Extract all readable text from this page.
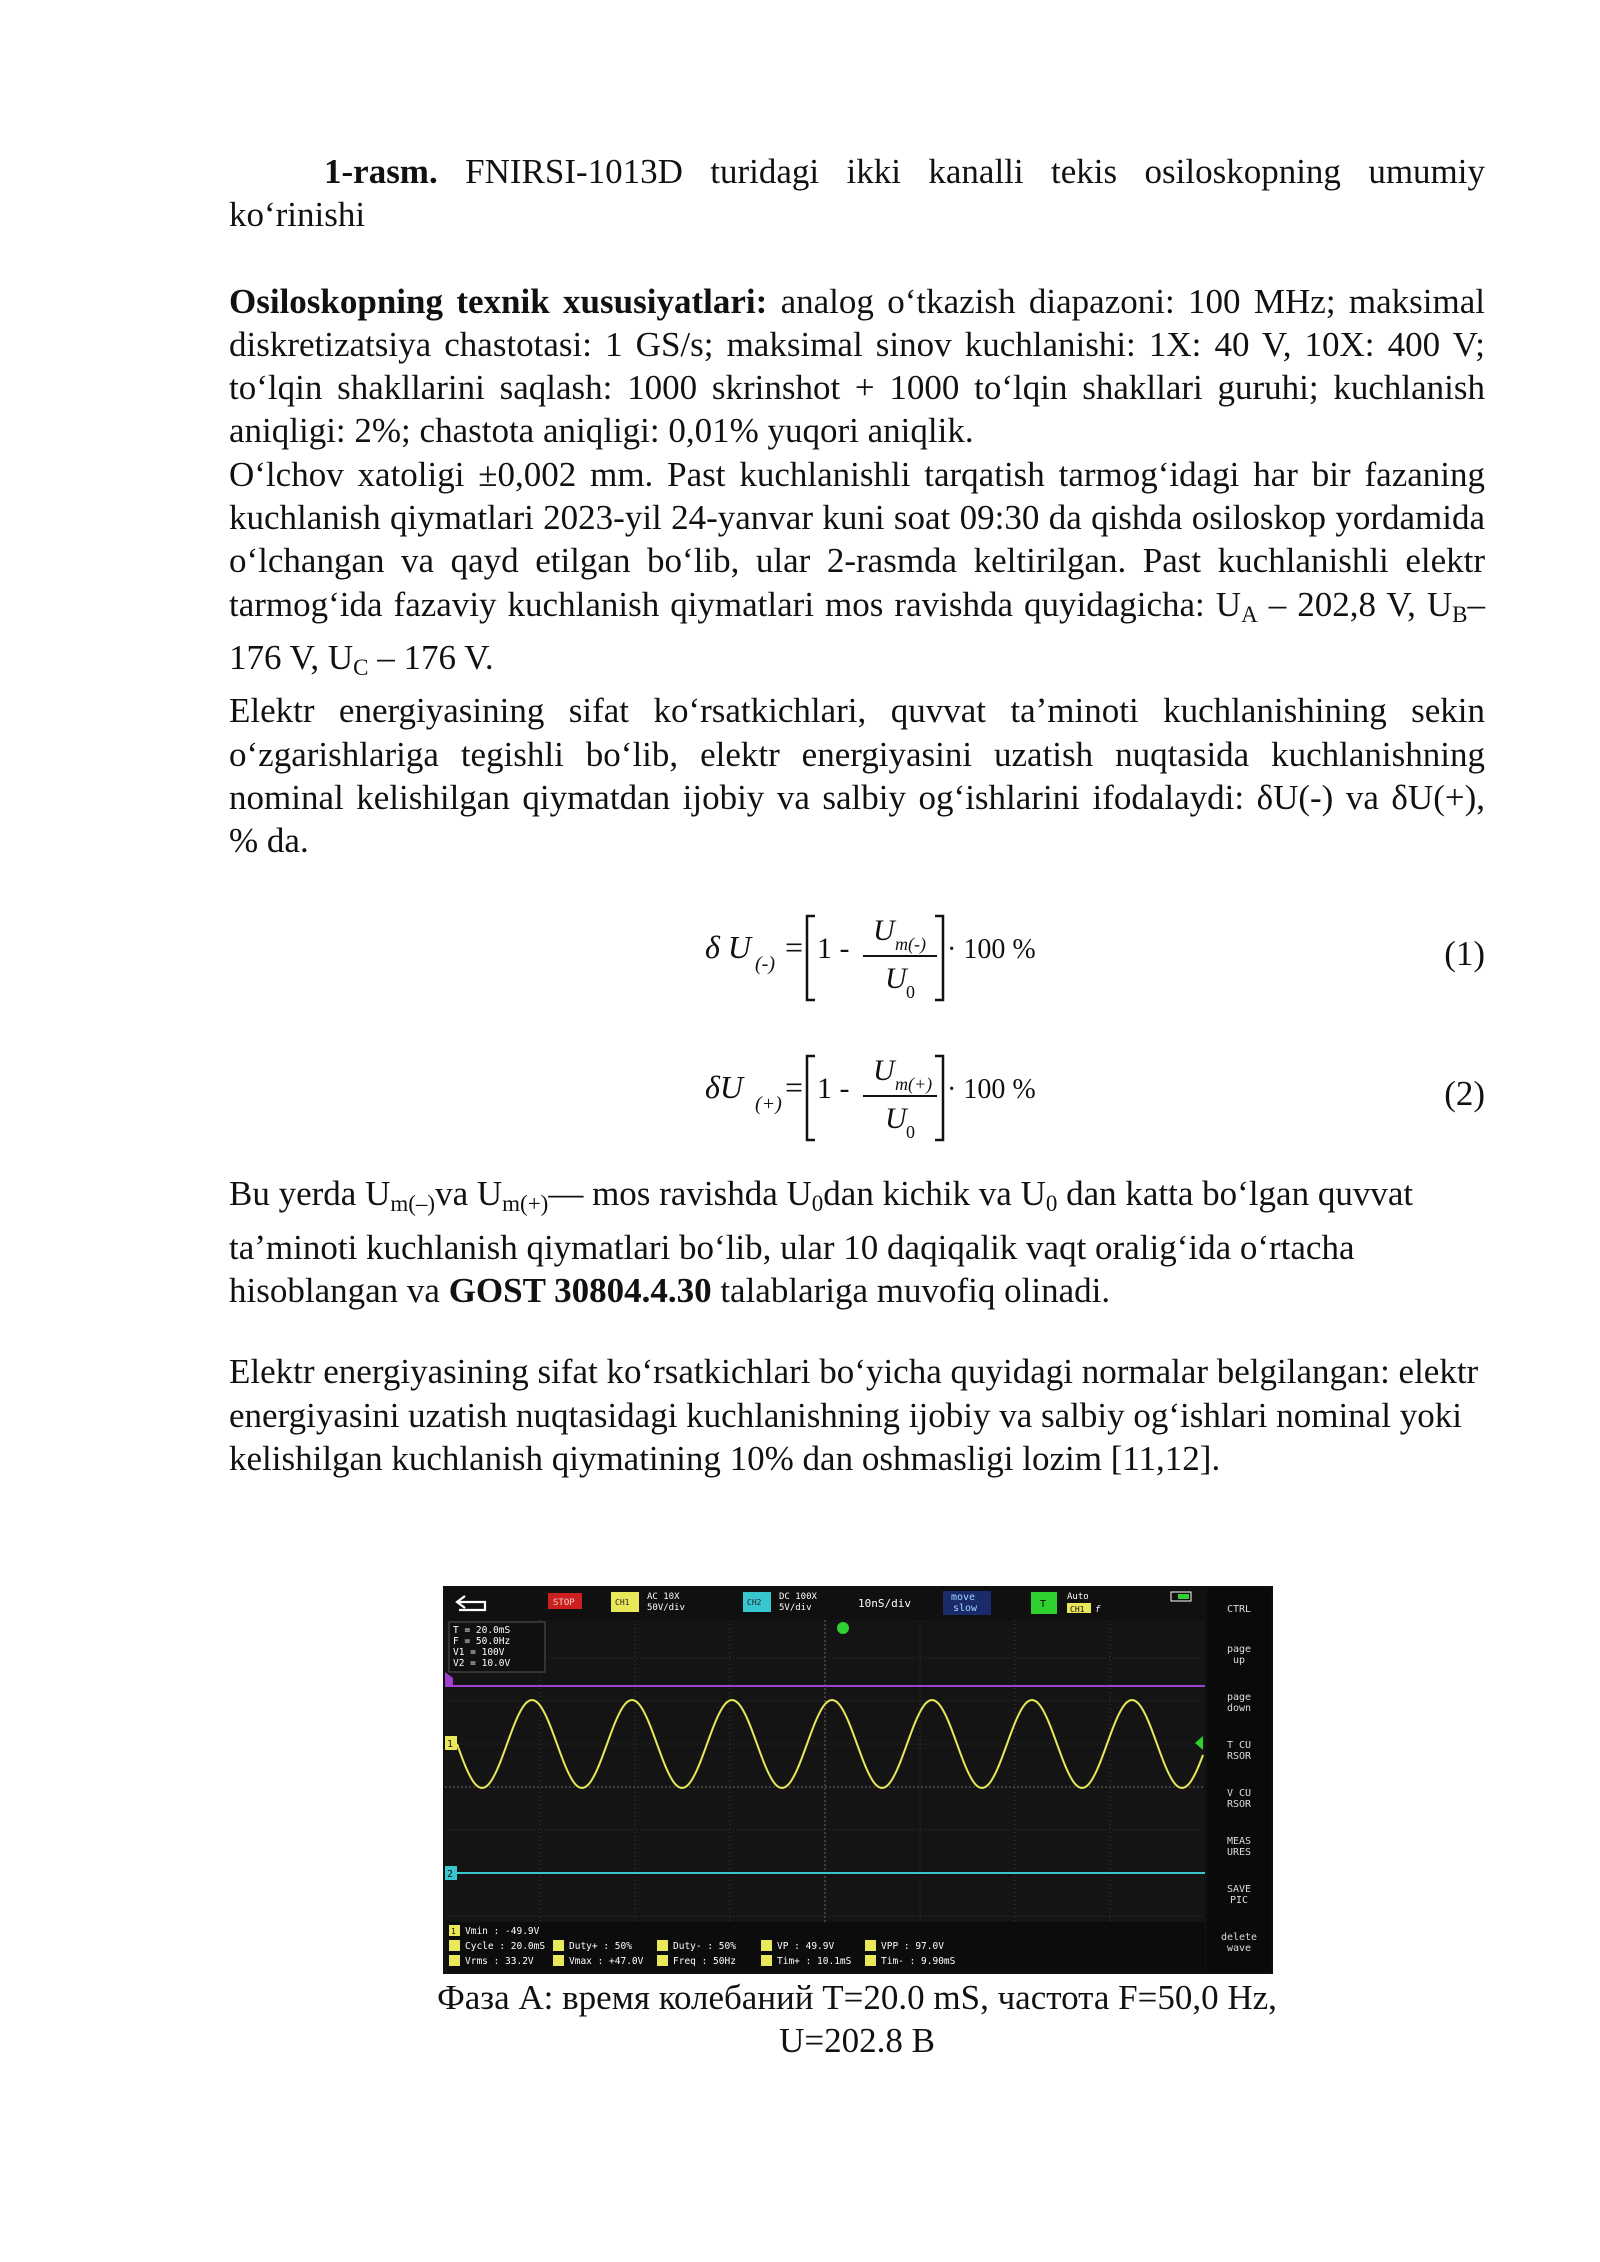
1-rasm. FNIRSI-1013D turidagi ikki kanalli tekis osiloskopning umumiy koʻrinishi

Osiloskopning texnik xususiyatlari: analog oʻtkazish diapazoni: 100 MHz; maksimal diskretizatsiya chastotasi: 1 GS/s; maksimal sinov kuchlanishi: 1X: 40 V, 10X: 400 V; toʻlqin shakllarini saqlash: 1000 skrinshot + 1000 toʻlqin shakllari guruhi; kuchlanish aniqligi: 2%; chastota aniqligi: 0,01% yuqori aniqlik.

Oʻlchov xatoligi ±0,002 mm. Past kuchlanishli tarqatish tarmogʻidagi har bir fazaning kuchlanish qiymatlari 2023-yil 24-yanvar kuni soat 09:30 da qishda osiloskop yordamida oʻlchangan va qayd etilgan boʻlib, ular 2-rasmda keltirilgan. Past kuchlanishli elektr tarmogʻida fazaviy kuchlanish qiymatlari mos ravishda quyidagicha: $U_A - 202,8$ V, $U_B-$ 176 V, $U_C - 176$ V.

Elektr energiyasining sifat koʻrsatkichlari, quvvat taʼminoti kuchlanishining sekin oʻzgarishlariga tegishli boʻlib, elektr energiyasini uzatish nuqtasida kuchlanishning nominal kelishilgan qiymatdan ijobiy va salbiy ogʻishlarini ifodalaydi: δU(-) va δU(+), % da.

δ U (-) = 1 -
U m(-)
U 0
· 100 %	(1)
δU (+) = 1 -
U m(+)
U 0
· 100 %	(2)

Bu yerda $U_{m(-)}va$ $U_{m(+)}—$ mos ravishda $U_0dan$ kichik va $U_0$ dan katta boʻlgan quvvat taʼminoti kuchlanish qiymatlari boʻlib, ular 10 daqiqalik vaqt oraligʻida oʻrtacha hisoblangan va GOST 30804.4.30 talablariga muvofiq olinadi.

Elektr energiyasining sifat koʻrsatkichlari boʻyicha quyidagi normalar belgilangan: elektr energiyasini uzatish nuqtasidagi kuchlanishning ijobiy va salbiy ogʻishlari nominal yoki kelishilgan kuchlanish qiymatining 10% dan oshmasligi lozim [11,12].

STOP	CH1
AC 10X
50V/div
CH2
DC 100X
5V/div	10nS/div	move
slow	T
Auto
CH1 f
2
1
T = 20.0mS
F = 50.0Hz
V1 = 100V
V2 = 10.0V
CTRL
page
up
page
down
T CU
RSOR
V CU
RSOR
MEAS
URES
SAVE
PIC
delete
wave
1 Vmin : -49.9V
Cycle : 20.0mS	Duty+ : 50%	Duty- : 50%	VP : 49.9V	VPP : 97.0V
Vrms : 33.2V	Vmax : +47.0V	Freq : 50Hz	Tim+ : 10.1mS	Tim- : 9.90mS
Фаза A: время колебаний T=20.0 mS, частота F=50,0 Hz,
U=202.8 В
